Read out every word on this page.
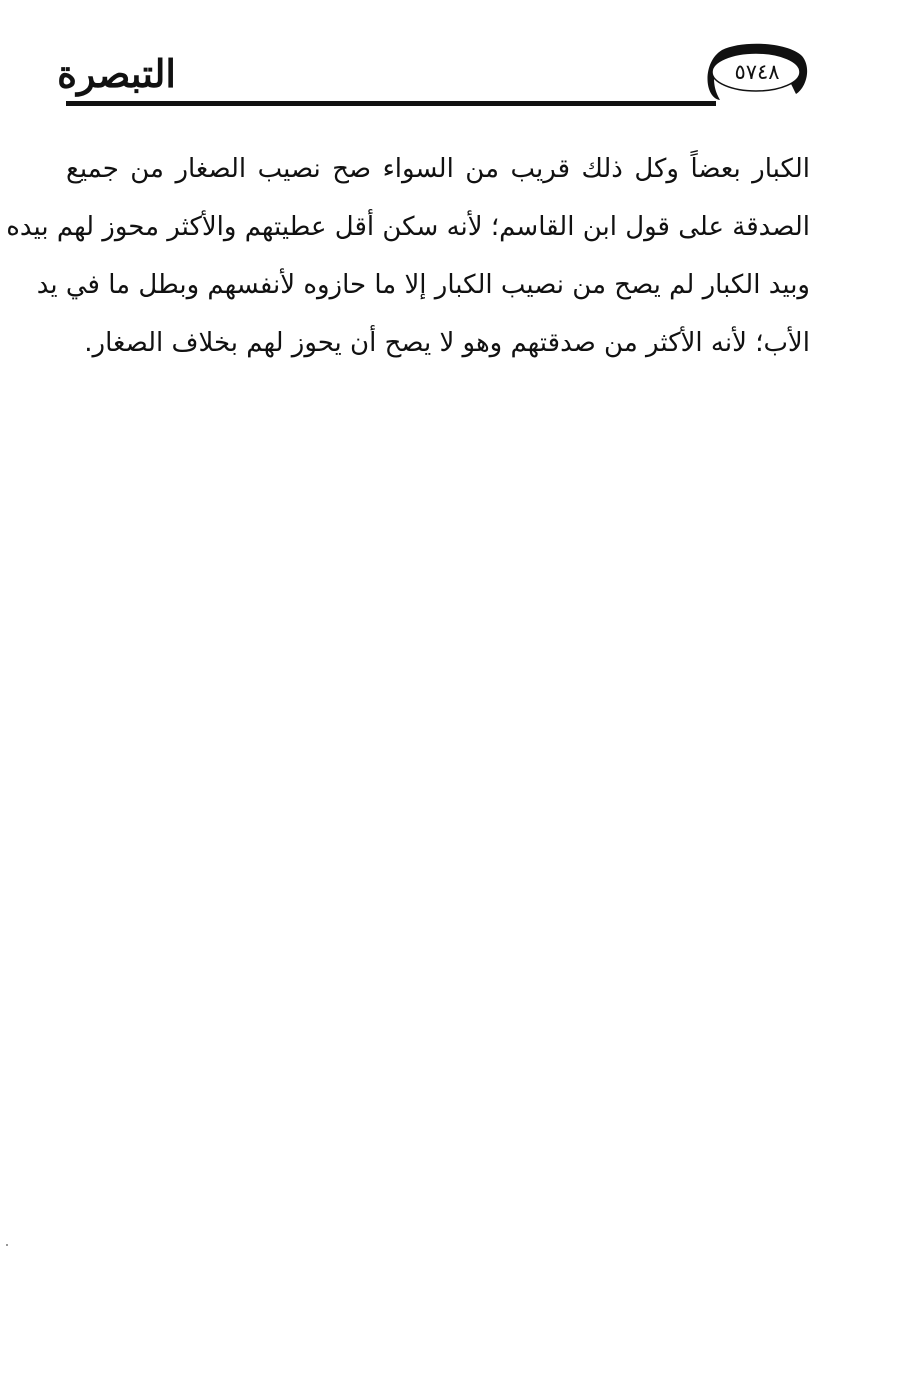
التبصرة	٥٧٤٨
الكبار بعضاً وكل ذلك قريب من السواء صح نصيب الصغار من جميع
الصدقة على قول ابن القاسم؛ لأنه سكن أقل عطيتهم والأكثر محوز لهم بيده
وبيد الكبار لم يصح من نصيب الكبار إلا ما حازوه لأنفسهم وبطل ما في يد
الأب؛ لأنه الأكثر من صدقتهم وهو لا يصح أن يحوز لهم بخلاف الصغار.
